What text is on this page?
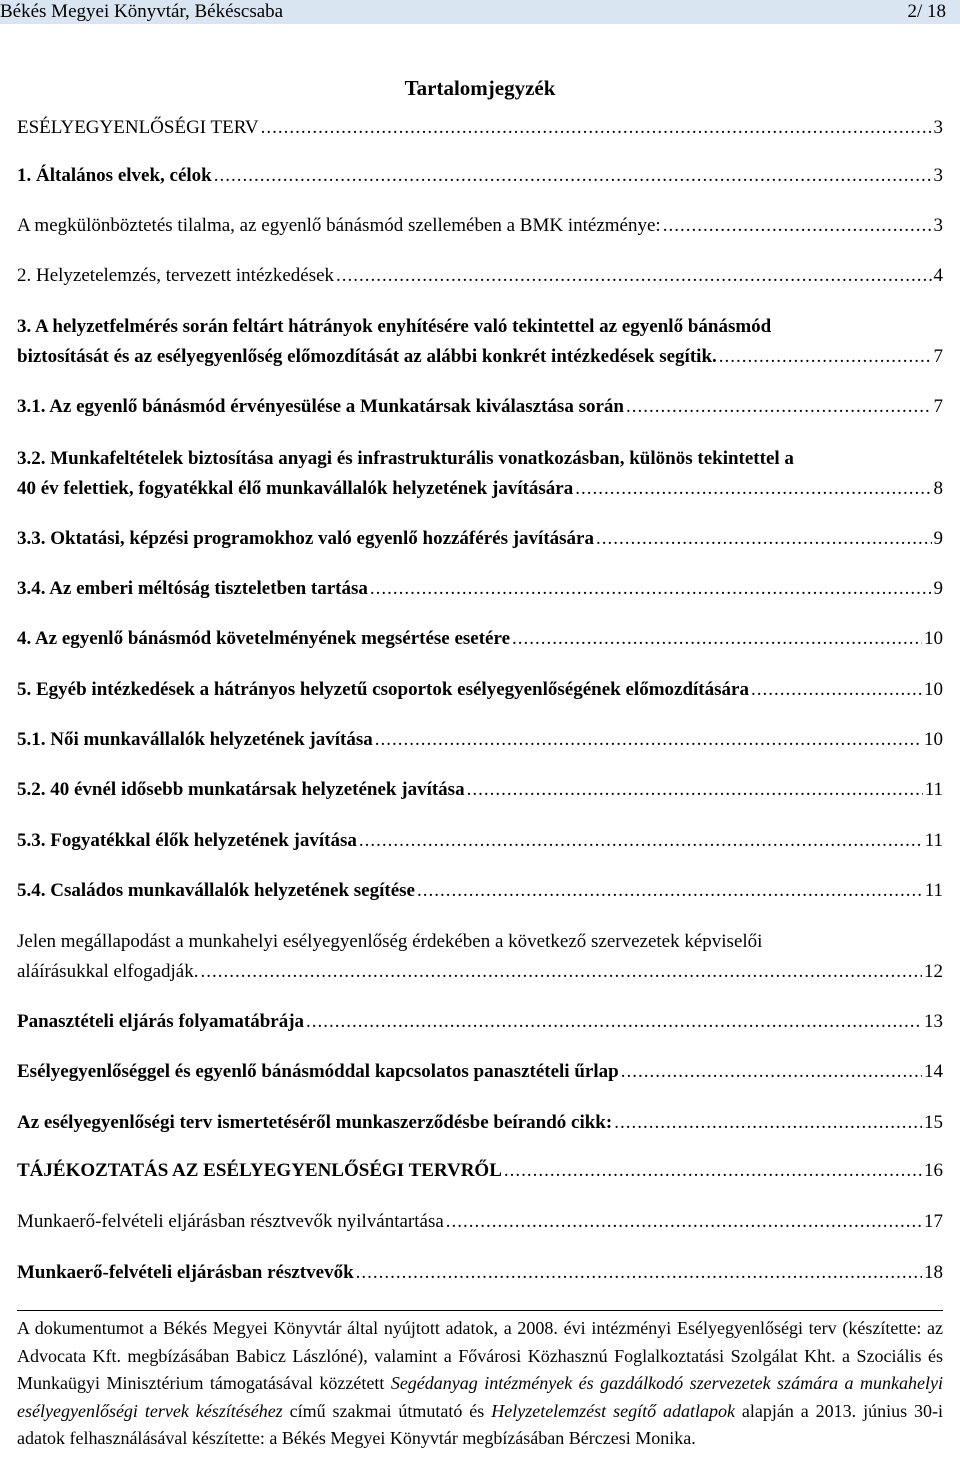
Békés Megyei Könyvtár, Békéscsaba	2/ 18
Tartalomjegyzék
ESÉLYEGYENLŐSÉGI TERV .....	3
1. Általános elvek, célok .....	3
A megkülönböztetés tilalma, az egyenlő bánásmód szellemében a BMK intézménye: .....	3
2. Helyzetelemzés, tervezett intézkedések .....	4
3. A helyzetfelmérés során feltárt hátrányok enyhítésére való tekintettel az egyenlő bánásmód
biztosítását és az esélyegyenlőség előmozdítását az alábbi konkrét intézkedések segítik. .....	7
3.1. Az egyenlő bánásmód érvényesülése a Munkatársak kiválasztása során .....	7
3.2. Munkafeltételek biztosítása anyagi és infrastrukturális vonatkozásban, különös tekintettel a
40 év felettiek, fogyatékkal élő munkavállalók helyzetének javítására .....	8
3.3. Oktatási, képzési programokhoz való egyenlő hozzáférés javítására .....	9
3.4. Az emberi méltóság tiszteletben tartása .....	9
4. Az egyenlő bánásmód követelményének megsértése esetére .....	10
5. Egyéb intézkedések a hátrányos helyzetű csoportok esélyegyenlőségének előmozdítására .....	10
5.1. Női munkavállalók helyzetének javítása .....	10
5.2. 40 évnél idősebb munkatársak helyzetének javítása .....	11
5.3. Fogyatékkal élők helyzetének javítása .....	11
5.4. Családos munkavállalók helyzetének segítése .....	11
Jelen megállapodást a munkahelyi esélyegyenlőség érdekében a következő szervezetek képviselői
aláírásukkal elfogadják. .....	12
Panasztételi eljárás folyamatábrája .....	13
Esélyegyenlőséggel és egyenlő bánásmóddal kapcsolatos panasztételi űrlap .....	14
Az esélyegyenlőségi terv ismertetéséről munkaszerződésbe beírandó cikk: .....	15
TÁJÉKOZTATÁS AZ ESÉLYEGYENLŐSÉGI TERVRŐL .....	16
Munkaerő-felvételi eljárásban résztvevők nyilvántartása .....	17
Munkaerő-felvételi eljárásban résztvevők .....	18
A dokumentumot a Békés Megyei Könyvtár által nyújtott adatok, a 2008. évi intézményi Esélyegyenlőségi terv (készítette: az Advocata Kft. megbízásában Babicz Lászlóné), valamint a Fővárosi Közhasznú Foglalkoztatási Szolgálat Kht. a Szociális és Munkaügyi Minisztérium támogatásával közzétett Segédanyag intézmények és gazdálkodó szervezetek számára a munkahelyi esélyegyenlőségi tervek készítéséhez című szakmai útmutató és Helyzetelemzést segítő adatlapok alapján a 2013. június 30-i adatok felhasználásával készítette: a Békés Megyei Könyvtár megbízásában Bérczesi Monika.
